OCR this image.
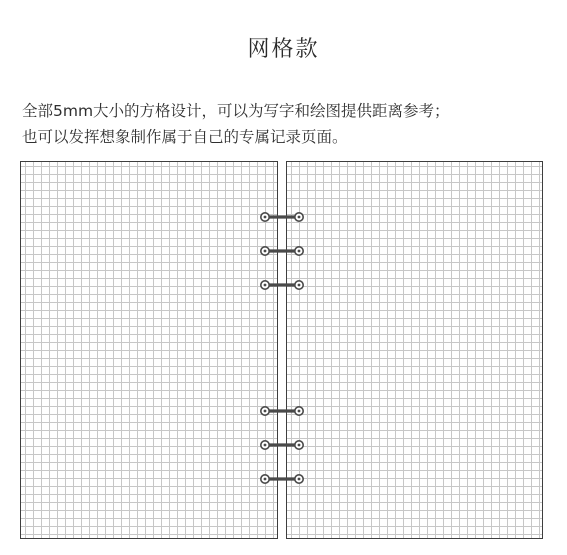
网格款
全部5mm大小的方格设计，可以为写字和绘图提供距离参考；
也可以发挥想象制作属于自己的专属记录页面。
